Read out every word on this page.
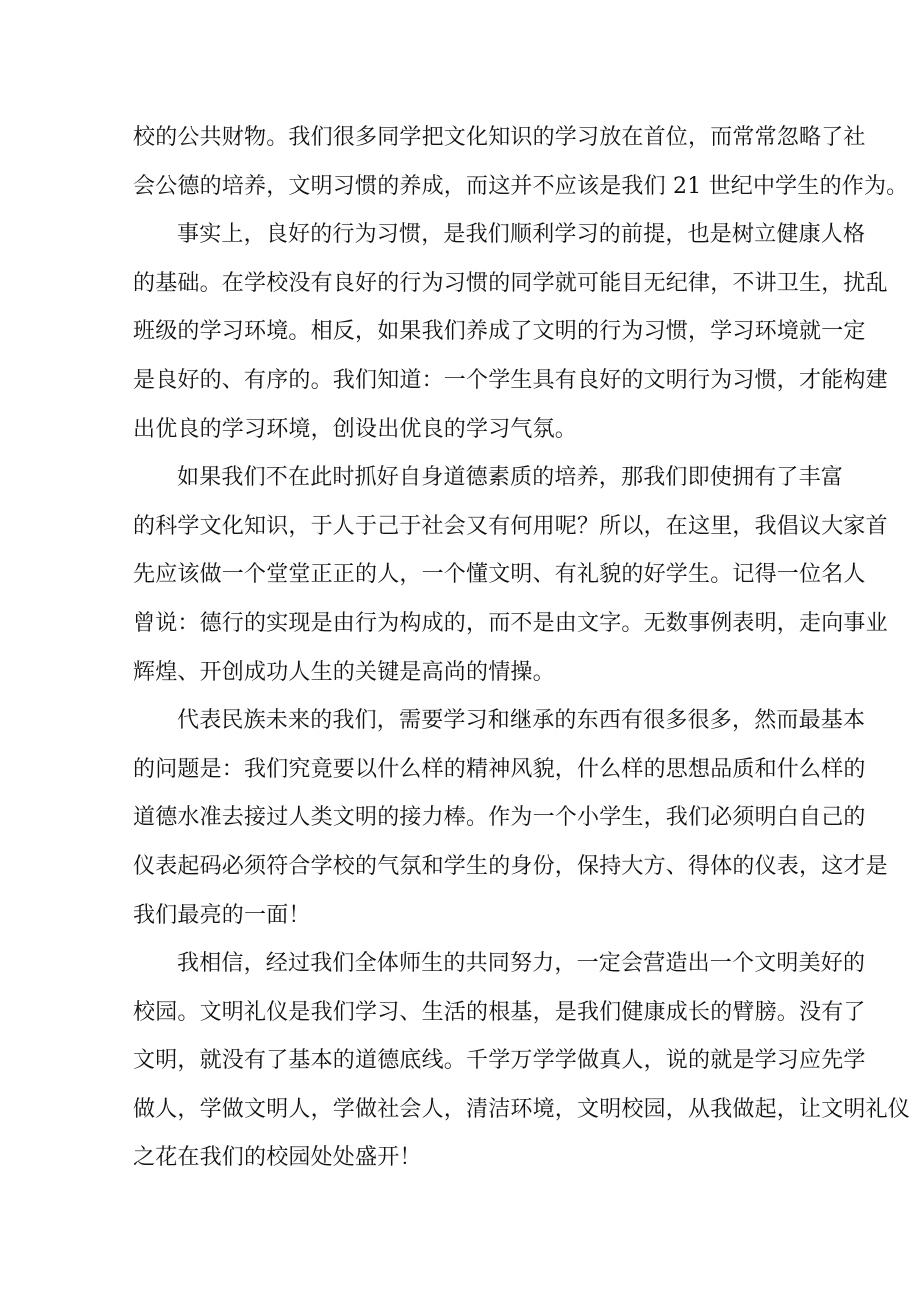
校的公共财物。我们很多同学把文化知识的学习放在首位，而常常忽略了社
会公德的培养，文明习惯的养成，而这并不应该是我们 21 世纪中学生的作为。
事实上，良好的行为习惯，是我们顺利学习的前提，也是树立健康人格
的基础。在学校没有良好的行为习惯的同学就可能目无纪律，不讲卫生，扰乱
班级的学习环境。相反，如果我们养成了文明的行为习惯，学习环境就一定
是良好的、有序的。我们知道：一个学生具有良好的文明行为习惯，才能构建
出优良的学习环境，创设出优良的学习气氛。
如果我们不在此时抓好自身道德素质的培养，那我们即使拥有了丰富
的科学文化知识，于人于己于社会又有何用呢？所以，在这里，我倡议大家首
先应该做一个堂堂正正的人，一个懂文明、有礼貌的好学生。记得一位名人
曾说：德行的实现是由行为构成的，而不是由文字。无数事例表明，走向事业
辉煌、开创成功人生的关键是高尚的情操。
代表民族未来的我们，需要学习和继承的东西有很多很多，然而最基本
的问题是：我们究竟要以什么样的精神风貌，什么样的思想品质和什么样的
道德水准去接过人类文明的接力棒。作为一个小学生，我们必须明白自己的
仪表起码必须符合学校的气氛和学生的身份，保持大方、得体的仪表，这才是
我们最亮的一面！
我相信，经过我们全体师生的共同努力，一定会营造出一个文明美好的
校园。文明礼仪是我们学习、生活的根基，是我们健康成长的臂膀。没有了
文明，就没有了基本的道德底线。千学万学学做真人，说的就是学习应先学
做人，学做文明人，学做社会人，清洁环境，文明校园，从我做起，让文明礼仪
之花在我们的校园处处盛开！
